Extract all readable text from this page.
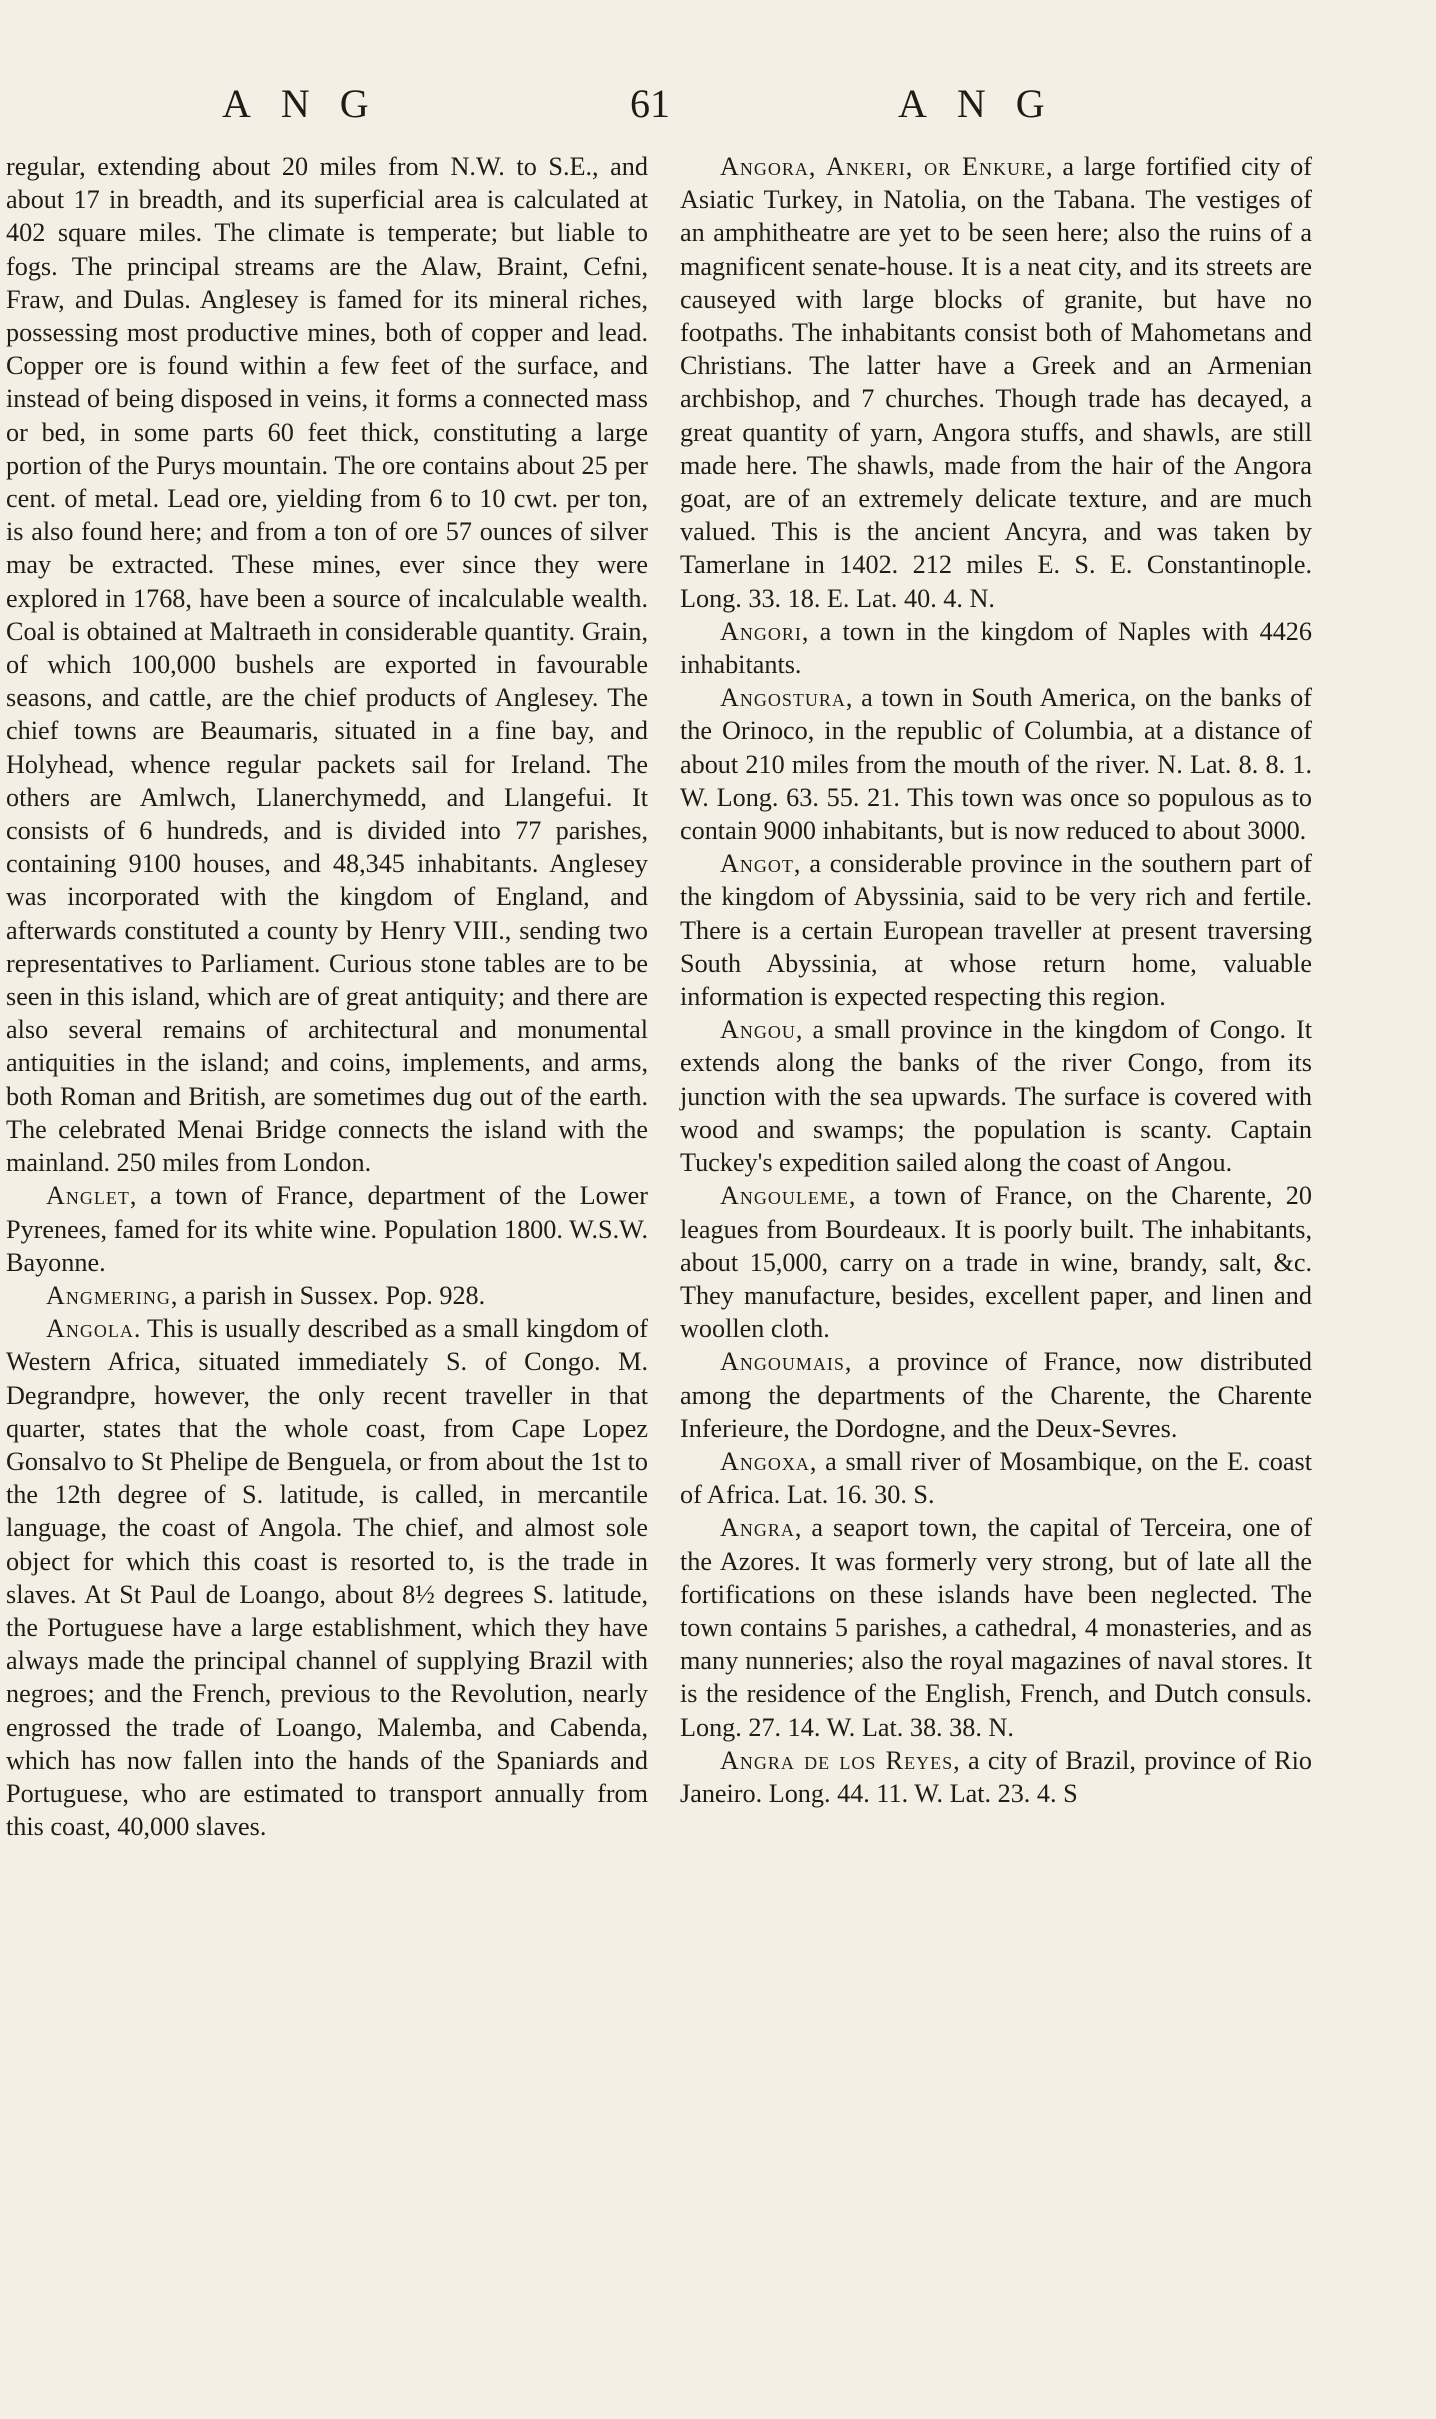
ANG	61	ANG

regular, extending about 20 miles from N.W. to S.E., and about 17 in breadth, and its superficial area is calculated at 402 square miles. The climate is temperate; but liable to fogs. The principal streams are the Alaw, Braint, Cefni, Fraw, and Dulas. Anglesey is famed for its mineral riches, possessing most productive mines, both of copper and lead. Copper ore is found within a few feet of the surface, and instead of being disposed in veins, it forms a connected mass or bed, in some parts 60 feet thick, constituting a large portion of the Purys mountain. The ore contains about 25 per cent. of metal. Lead ore, yielding from 6 to 10 cwt. per ton, is also found here; and from a ton of ore 57 ounces of silver may be extracted. These mines, ever since they were explored in 1768, have been a source of incalculable wealth. Coal is obtained at Maltraeth in considerable quantity. Grain, of which 100,000 bushels are exported in favourable seasons, and cattle, are the chief products of Anglesey. The chief towns are Beaumaris, situated in a fine bay, and Holyhead, whence regular packets sail for Ireland. The others are Amlwch, Llanerchymedd, and Llangefui. It consists of 6 hundreds, and is divided into 77 parishes, containing 9100 houses, and 48,345 inhabitants. Anglesey was incorporated with the kingdom of England, and afterwards constituted a county by Henry VIII., sending two representatives to Parliament. Curious stone tables are to be seen in this island, which are of great antiquity; and there are also several remains of architectural and monumental antiquities in the island; and coins, implements, and arms, both Roman and British, are sometimes dug out of the earth. The celebrated Menai Bridge connects the island with the mainland. 250 miles from London.

Anglet, a town of France, department of the Lower Pyrenees, famed for its white wine. Population 1800. W.S.W. Bayonne.

Angmering, a parish in Sussex. Pop. 928.

Angola. This is usually described as a small kingdom of Western Africa, situated immediately S. of Congo. M. Degrandpre, however, the only recent traveller in that quarter, states that the whole coast, from Cape Lopez Gonsalvo to St Phelipe de Benguela, or from about the 1st to the 12th degree of S. latitude, is called, in mercantile language, the coast of Angola. The chief, and almost sole object for which this coast is resorted to, is the trade in slaves. At St Paul de Loango, about 8½ degrees S. latitude, the Portuguese have a large establishment, which they have always made the principal channel of supplying Brazil with negroes; and the French, previous to the Revolution, nearly engrossed the trade of Loango, Malemba, and Cabenda, which has now fallen into the hands of the Spaniards and Portuguese, who are estimated to transport annually from this coast, 40,000 slaves.

Angora, Ankeri, or Enkure, a large fortified city of Asiatic Turkey, in Natolia, on the Tabana. The vestiges of an amphitheatre are yet to be seen here; also the ruins of a magnificent senate-house. It is a neat city, and its streets are causeyed with large blocks of granite, but have no footpaths. The inhabitants consist both of Mahometans and Christians. The latter have a Greek and an Armenian archbishop, and 7 churches. Though trade has decayed, a great quantity of yarn, Angora stuffs, and shawls, are still made here. The shawls, made from the hair of the Angora goat, are of an extremely delicate texture, and are much valued. This is the ancient Ancyra, and was taken by Tamerlane in 1402. 212 miles E. S. E. Constantinople. Long. 33. 18. E. Lat. 40. 4. N.

Angori, a town in the kingdom of Naples with 4426 inhabitants.

Angostura, a town in South America, on the banks of the Orinoco, in the republic of Columbia, at a distance of about 210 miles from the mouth of the river. N. Lat. 8. 8. 1. W. Long. 63. 55. 21. This town was once so populous as to contain 9000 inhabitants, but is now reduced to about 3000.

Angot, a considerable province in the southern part of the kingdom of Abyssinia, said to be very rich and fertile. There is a certain European traveller at present traversing South Abyssinia, at whose return home, valuable information is expected respecting this region.

Angou, a small province in the kingdom of Congo. It extends along the banks of the river Congo, from its junction with the sea upwards. The surface is covered with wood and swamps; the population is scanty. Captain Tuckey's expedition sailed along the coast of Angou.

Angouleme, a town of France, on the Charente, 20 leagues from Bourdeaux. It is poorly built. The inhabitants, about 15,000, carry on a trade in wine, brandy, salt, &c. They manufacture, besides, excellent paper, and linen and woollen cloth.

Angoumais, a province of France, now distributed among the departments of the Charente, the Charente Inferieure, the Dordogne, and the Deux-Sevres.

Angoxa, a small river of Mosambique, on the E. coast of Africa. Lat. 16. 30. S.

Angra, a seaport town, the capital of Terceira, one of the Azores. It was formerly very strong, but of late all the fortifications on these islands have been neglected. The town contains 5 parishes, a cathedral, 4 monasteries, and as many nunneries; also the royal magazines of naval stores. It is the residence of the English, French, and Dutch consuls. Long. 27. 14. W. Lat. 38. 38. N.

Angra de los Reyes, a city of Brazil, province of Rio Janeiro. Long. 44. 11. W. Lat. 23. 4. S
